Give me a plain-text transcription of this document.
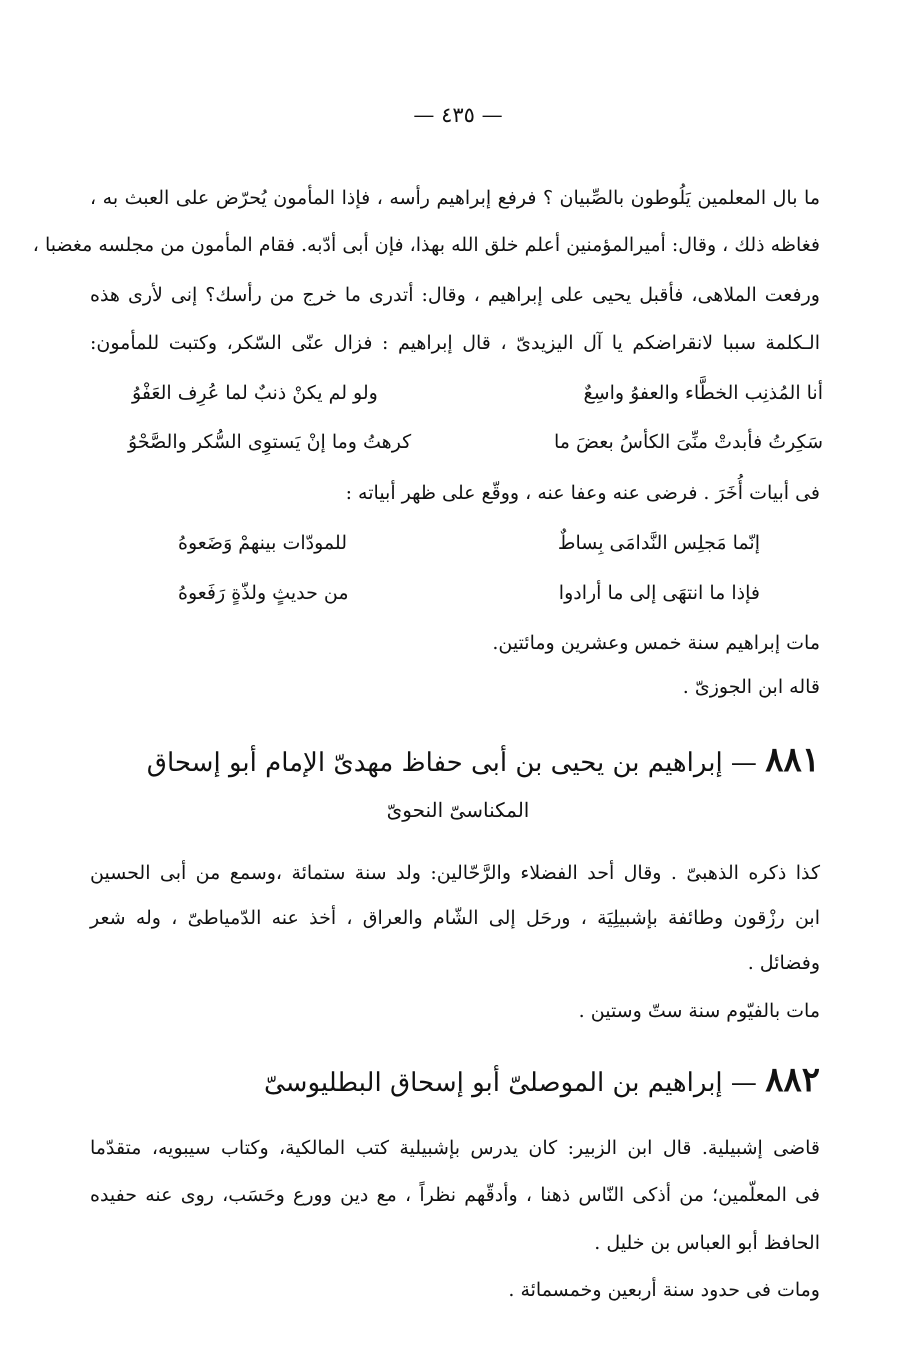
— ٤٣٥ —
ما بال المعلمين يَلُوطون بالصِّبيان ؟ فرفع إبراهيم رأسه ، فإذا المأمون يُحرّض على العبث به ،
فغاظه ذلك ، وقال: أميرالمؤمنين أعلم خلق الله بهذا، فإن أبى أدّبه. فقام المأمون من مجلسه مغضبا ،
ورفعت الملاهى، فأقبل يحيى على إبراهيم ، وقال: أتدرى ما خرج من رأسك؟ إنى لأرى هذه
الـكلمة سببا لانقراضكم يا آل اليزيدىّ ، قال إبراهيم : فزال عنّى السّكر، وكتبت للمأمون:
أنا المُذنِب الخطَّاء والعفوُ واسِعٌ
ولو لم يكنْ ذنبٌ لما عُرِف العَفْوُ
سَكِرتُ فأبدتْ منِّىَ الكأسُ بعضَ ما
كرهتُ وما إنْ يَستوِى السُّكر والصَّحْوُ
فى أبيات أُخَرَ . فرضى عنه وعفا عنه ، ووقّع على ظهر أبياته :
إنّما مَجلِس النَّدامَى بِساطٌ
للمودّات بينهمْ وَضَعوهُ
فإذا ما انتهَى إلى ما أرادوا
من حديثٍ ولذّةٍ رَفَعوهُ
مات إبراهيم سنة خمس وعشرين ومائتين.
قاله ابن الجوزىّ .
٨٨١ — إبراهيم بن يحيى بن أبى حفاظ مهدىّ الإمام أبو إسحاق
المكناسىّ النحوىّ
كذا ذكره الذهبىّ . وقال أحد الفضلاء والرَّحّالين: ولد سنة ستمائة ،وسمع من أبى الحسين
ابن رزْقون وطائفة بإشبيلِيَة ، ورحَل إلى الشّام والعراق ، أخذ عنه الدّمياطىّ ، وله شعر
وفضائل .
مات بالفيّوم سنة ستّ وستين .
٨٨٢ — إبراهيم بن الموصلىّ أبو إسحاق البطليوسىّ
قاضى إشبيلية. قال ابن الزبير: كان يدرس بإشبيلية كتب المالكية، وكتاب سيبويه، متقدّما
فى المعلّمين؛ من أذكى النّاس ذهنا ، وأدقّهم نظراً ، مع دين وورع وحَسَب، روى عنه حفيده
الحافظ أبو العباس بن خليل .
ومات فى حدود سنة أربعين وخمسمائة .
